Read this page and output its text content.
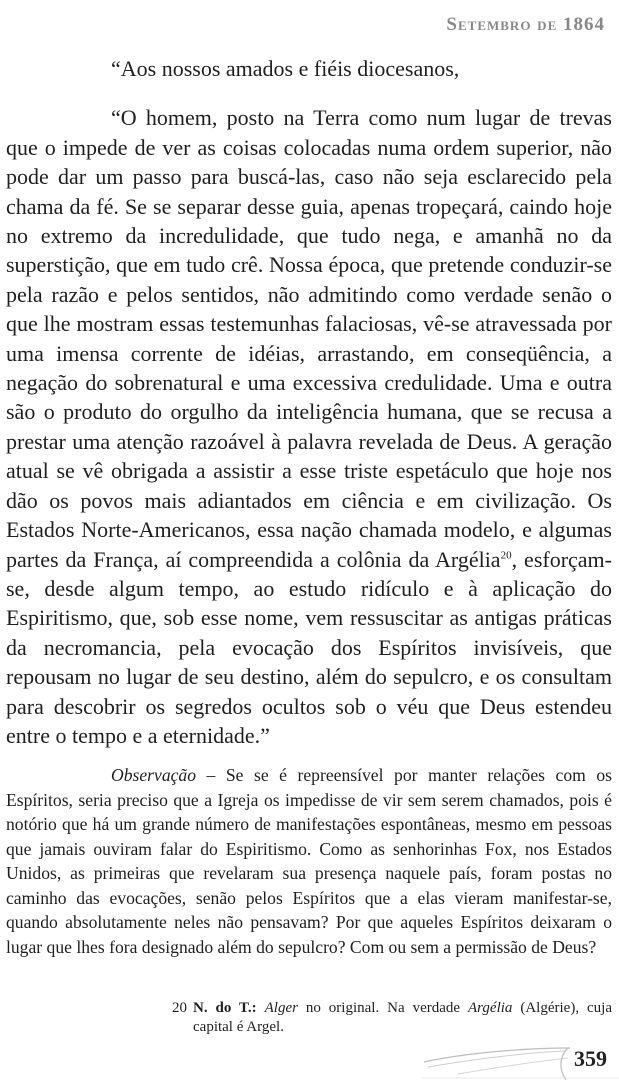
Setembro de 1864

“Aos nossos amados e fiéis diocesanos,

“O homem, posto na Terra como num lugar de trevas que o impede de ver as coisas colocadas numa ordem superior, não pode dar um passo para buscá-las, caso não seja esclarecido pela chama da fé. Se se separar desse guia, apenas tropeçará, caindo hoje no extremo da incredulidade, que tudo nega, e amanhã no da superstição, que em tudo crê. Nossa época, que pretende conduzir-se pela razão e pelos sentidos, não admitindo como verdade senão o que lhe mostram essas testemunhas falaciosas, vê-se atravessada por uma imensa corrente de idéias, arrastando, em conseqüência, a negação do sobrenatural e uma excessiva credulidade. Uma e outra são o produto do orgulho da inteligência humana, que se recusa a prestar uma atenção razoável à palavra revelada de Deus. A geração atual se vê obrigada a assistir a esse triste espetáculo que hoje nos dão os povos mais adiantados em ciência e em civilização. Os Estados Norte-Americanos, essa nação chamada modelo, e algumas partes da França, aí compreendida a colônia da Argélia$^{20}$, esforçam-se, desde algum tempo, ao estudo ridículo e à aplicação do Espiritismo, que, sob esse nome, vem ressuscitar as antigas práticas da necromancia, pela evocação dos Espíritos invisíveis, que repousam no lugar de seu destino, além do sepulcro, e os consultam para descobrir os segredos ocultos sob o véu que Deus estendeu entre o tempo e a eternidade.”

Observação – Se se é repreensível por manter relações com os Espíritos, seria preciso que a Igreja os impedisse de vir sem serem chamados, pois é notório que há um grande número de manifestações espontâneas, mesmo em pessoas que jamais ouviram falar do Espiritismo. Como as senhorinhas Fox, nos Estados Unidos, as primeiras que revelaram sua presença naquele país, foram postas no caminho das evocações, senão pelos Espíritos que a elas vieram manifestar-se, quando absolutamente neles não pensavam? Por que aqueles Espíritos deixaram o lugar que lhes fora designado além do sepulcro? Com ou sem a permissão de Deus?

20 N. do T.: Alger no original. Na verdade Argélia (Algérie), cuja capital é Argel.
359
